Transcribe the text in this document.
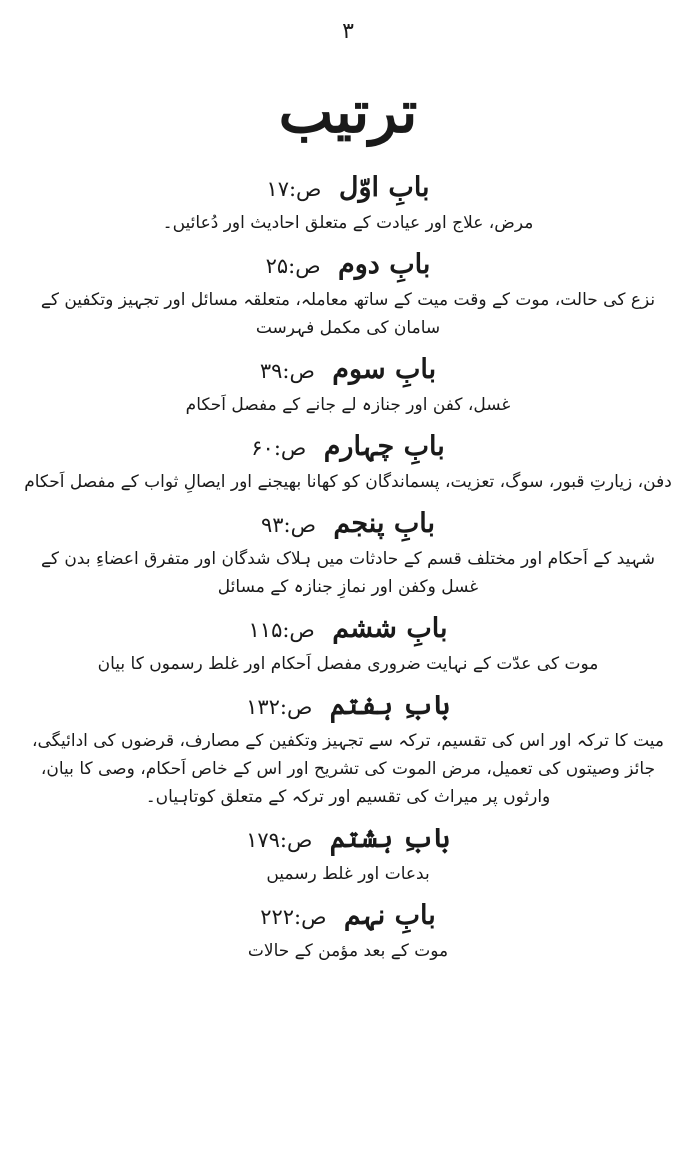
۳
ترتیب
بابِ اوّل ص:۱۷
مرض، علاج اور عیادت کے متعلق احادیث اور دُعائیں۔
بابِ دوم ص:۲۵
نزع کی حالت، موت کے وقت میت کے ساتھ معاملہ، متعلقہ مسائل اور تجہیز وتکفین کے سامان کی مکمل فہرست
بابِ سوم ص:۳۹
غسل، کفن اور جنازہ لے جانے کے مفصل اَحکام
بابِ چہارم ص:۶۰
دفن، زیارتِ قبور، سوگ، تعزیت، پسماندگان کو کھانا بھیجنے اور ایصالِ ثواب کے مفصل اَحکام
بابِ پنجم ص:۹۳
شہید کے اَحکام اور مختلف قسم کے حادثات میں ہلاک شدگان اور متفرق اعضاءِ بدن کے غسل وکفن اور نمازِ جنازہ کے مسائل
بابِ ششم ص:۱۱۵
موت کی عدّت کے نہایت ضروری مفصل اَحکام اور غلط رسموں کا بیان
بابِ ہفتم ص:۱۳۲
میت کا ترکہ اور اس کی تقسیم، ترکہ سے تجہیز وتکفین کے مصارف، قرضوں کی ادائیگی، جائز وصیتوں کی تعمیل، مرض الموت کی تشریح اور اس کے خاص اَحکام، وصی کا بیان، وارثوں پر میراث کی تقسیم اور ترکہ کے متعلق کوتاہیاں۔
بابِ ہشتم ص:۱۷۹
بدعات اور غلط رسمیں
بابِ نہم ص:۲۲۲
موت کے بعد مؤمن کے حالات
